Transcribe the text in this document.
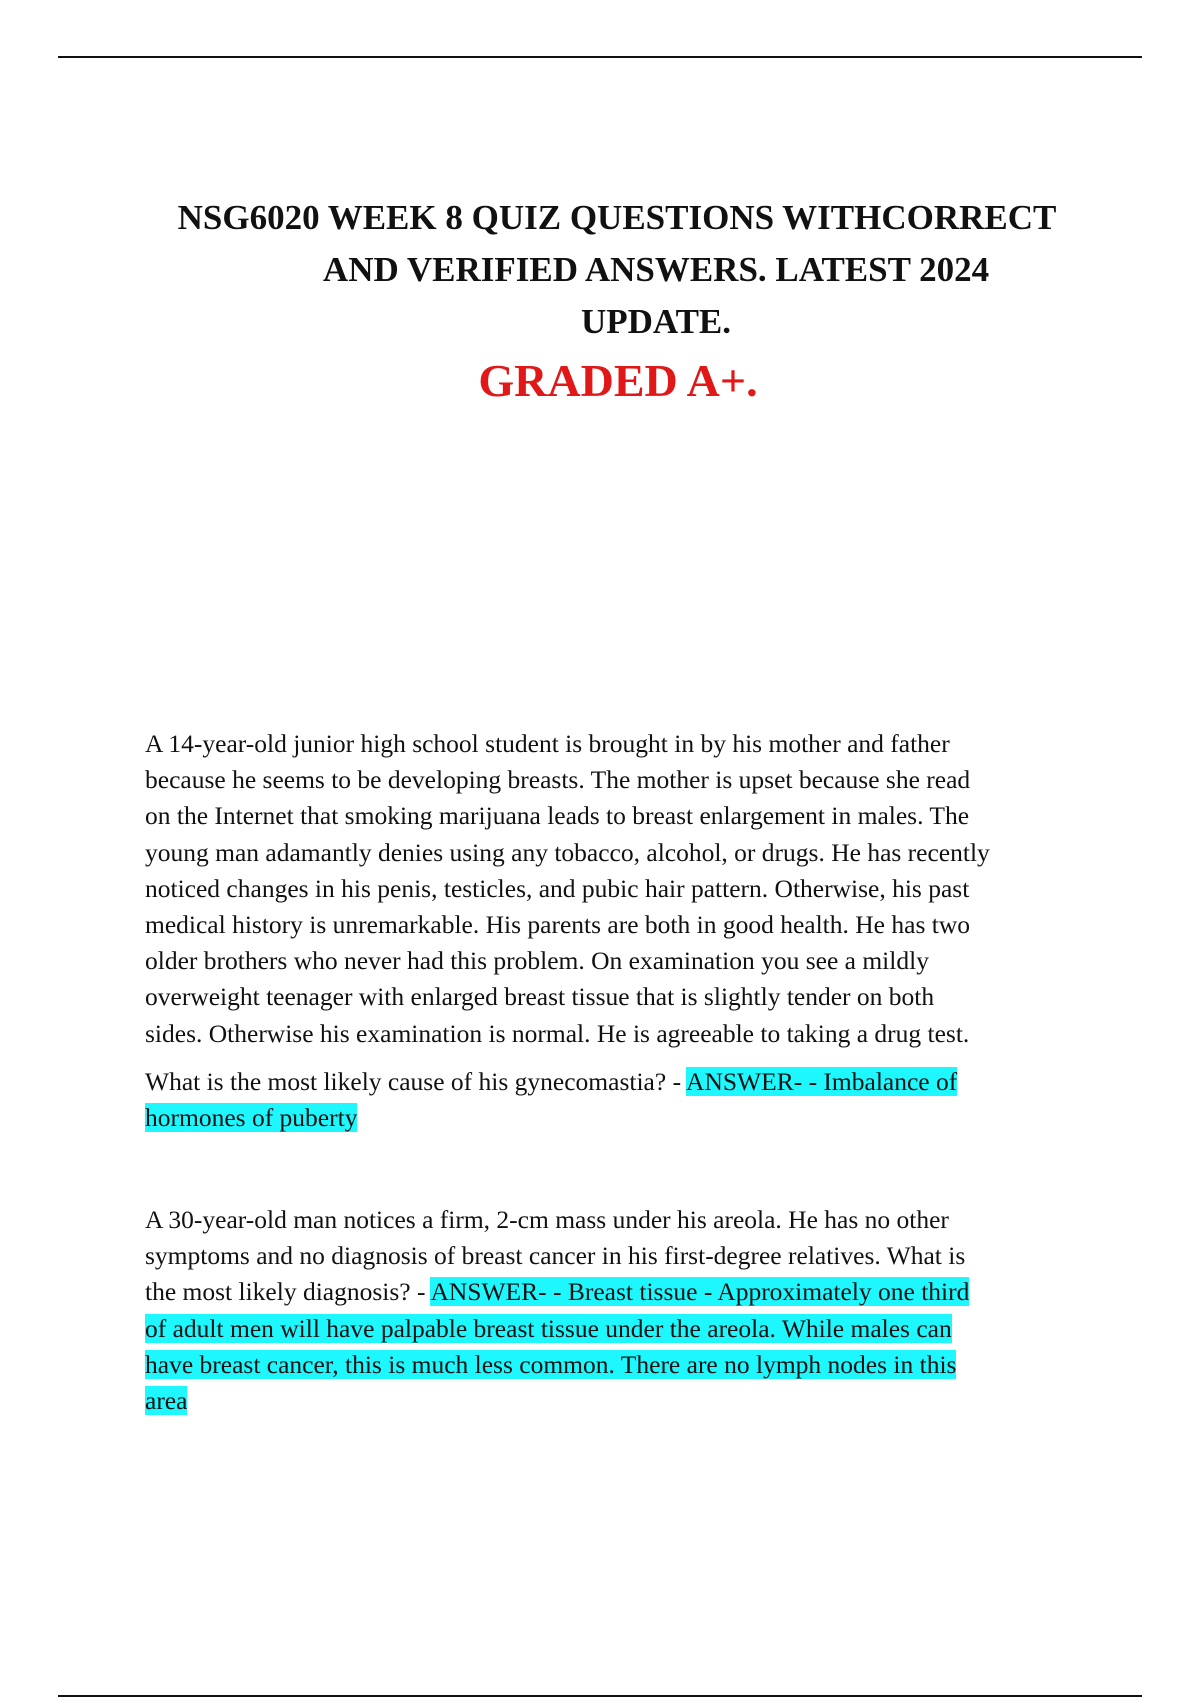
NSG6020 WEEK 8 QUIZ QUESTIONS WITHCORRECT
AND VERIFIED ANSWERS. LATEST 2024
UPDATE.
GRADED A+.
A 14-year-old junior high school student is brought in by his mother and father
because he seems to be developing breasts. The mother is upset because she read
on the Internet that smoking marijuana leads to breast enlargement in males. The
young man adamantly denies using any tobacco, alcohol, or drugs. He has recently
noticed changes in his penis, testicles, and pubic hair pattern. Otherwise, his past
medical history is unremarkable. His parents are both in good health. He has two
older brothers who never had this problem. On examination you see a mildly
overweight teenager with enlarged breast tissue that is slightly tender on both
sides. Otherwise his examination is normal. He is agreeable to taking a drug test.
What is the most likely cause of his gynecomastia? - ANSWER- - Imbalance of
hormones of puberty
A 30-year-old man notices a firm, 2-cm mass under his areola. He has no other
symptoms and no diagnosis of breast cancer in his first-degree relatives. What is
the most likely diagnosis? - ANSWER- - Breast tissue - Approximately one third
of adult men will have palpable breast tissue under the areola. While males can
have breast cancer, this is much less common. There are no lymph nodes in this
area
